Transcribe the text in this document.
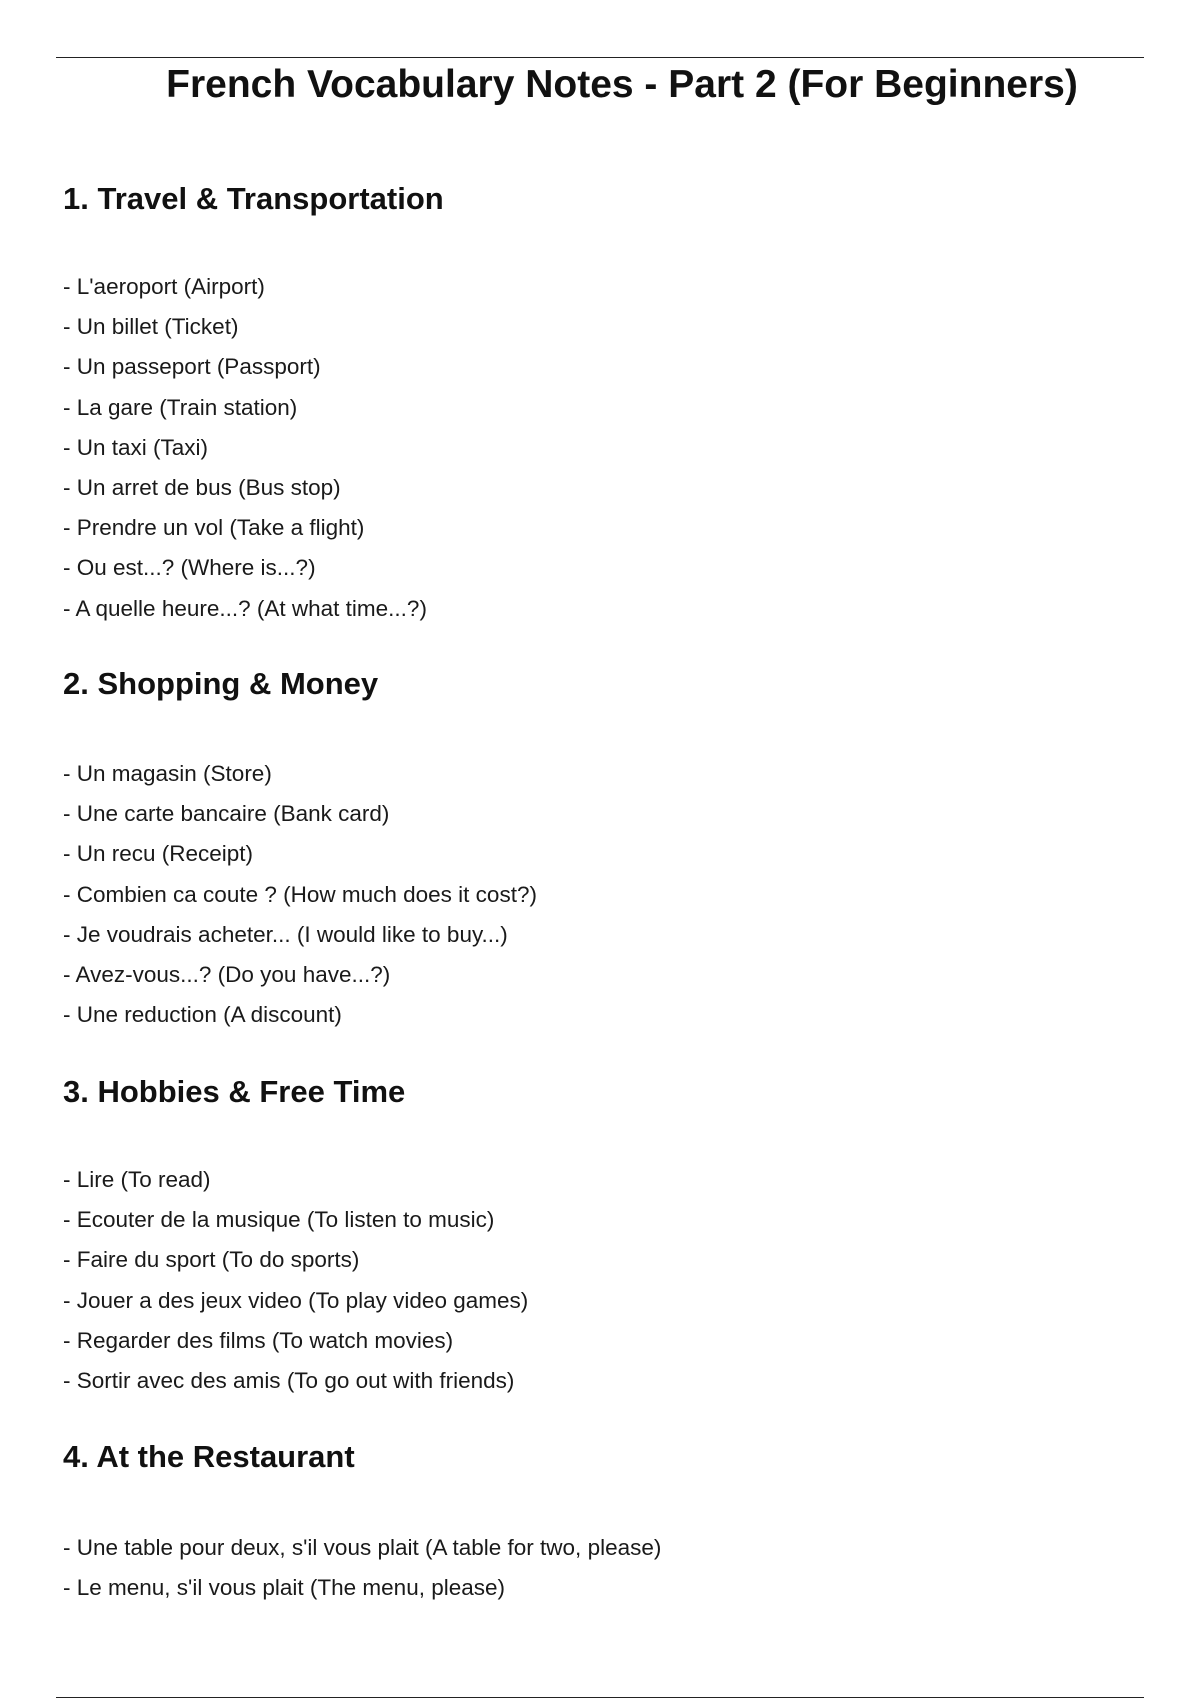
French Vocabulary Notes - Part 2 (For Beginners)
1. Travel & Transportation
- L'aeroport (Airport)
- Un billet (Ticket)
- Un passeport (Passport)
- La gare (Train station)
- Un taxi (Taxi)
- Un arret de bus (Bus stop)
- Prendre un vol (Take a flight)
- Ou est...? (Where is...?)
- A quelle heure...? (At what time...?)
2. Shopping & Money
- Un magasin (Store)
- Une carte bancaire (Bank card)
- Un recu (Receipt)
- Combien ca coute ? (How much does it cost?)
- Je voudrais acheter... (I would like to buy...)
- Avez-vous...? (Do you have...?)
- Une reduction (A discount)
3. Hobbies & Free Time
- Lire (To read)
- Ecouter de la musique (To listen to music)
- Faire du sport (To do sports)
- Jouer a des jeux video (To play video games)
- Regarder des films (To watch movies)
- Sortir avec des amis (To go out with friends)
4. At the Restaurant
- Une table pour deux, s'il vous plait (A table for two, please)
- Le menu, s'il vous plait (The menu, please)
